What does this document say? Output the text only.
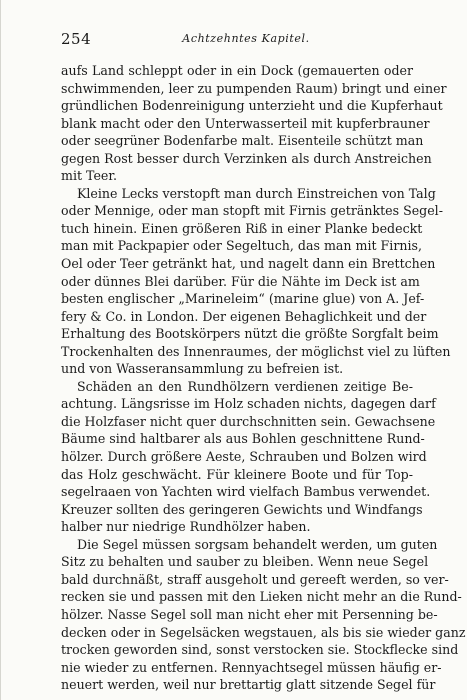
254	Achtzehntes Kapitel.
aufs Land schleppt oder in ein Dock (gemauerten oder
schwimmenden, leer zu pumpenden Raum) bringt und einer
gründlichen Bodenreinigung unterzieht und die Kupferhaut
blank macht oder den Unterwasserteil mit kupferbrauner
oder seegrüner Bodenfarbe malt. Eisenteile schützt man
gegen Rost besser durch Verzinken als durch Anstreichen
mit Teer.
Kleine Lecks verstopft man durch Einstreichen von Talg
oder Mennige, oder man stopft mit Firnis getränktes Segel-
tuch hinein. Einen größeren Riß in einer Planke bedeckt
man mit Packpapier oder Segeltuch, das man mit Firnis,
Oel oder Teer getränkt hat, und nagelt dann ein Brettchen
oder dünnes Blei darüber. Für die Nähte im Deck ist am
besten englischer „Marineleim“ (marine glue) von A. Jef-
fery & Co. in London. Der eigenen Behaglichkeit und der
Erhaltung des Bootskörpers nützt die größte Sorgfalt beim
Trockenhalten des Innenraumes, der möglichst viel zu lüften
und von Wasseransammlung zu befreien ist.
Schäden an den Rundhölzern verdienen zeitige Be-
achtung. Längsrisse im Holz schaden nichts, dagegen darf
die Holzfaser nicht quer durchschnitten sein. Gewachsene
Bäume sind haltbarer als aus Bohlen geschnittene Rund-
hölzer. Durch größere Aeste, Schrauben und Bolzen wird
das Holz geschwächt. Für kleinere Boote und für Top-
segelraaen von Yachten wird vielfach Bambus verwendet.
Kreuzer sollten des geringeren Gewichts und Windfangs
halber nur niedrige Rundhölzer haben.
Die Segel müssen sorgsam behandelt werden, um guten
Sitz zu behalten und sauber zu bleiben. Wenn neue Segel
bald durchnäßt, straff ausgeholt und gereeft werden, so ver-
recken sie und passen mit den Lieken nicht mehr an die Rund-
hölzer. Nasse Segel soll man nicht eher mit Persenning be-
decken oder in Segelsäcken wegstauen, als bis sie wieder ganz
trocken geworden sind, sonst verstocken sie. Stockflecke sind
nie wieder zu entfernen. Rennyachtsegel müssen häufig er-
neuert werden, weil nur brettartig glatt sitzende Segel für
